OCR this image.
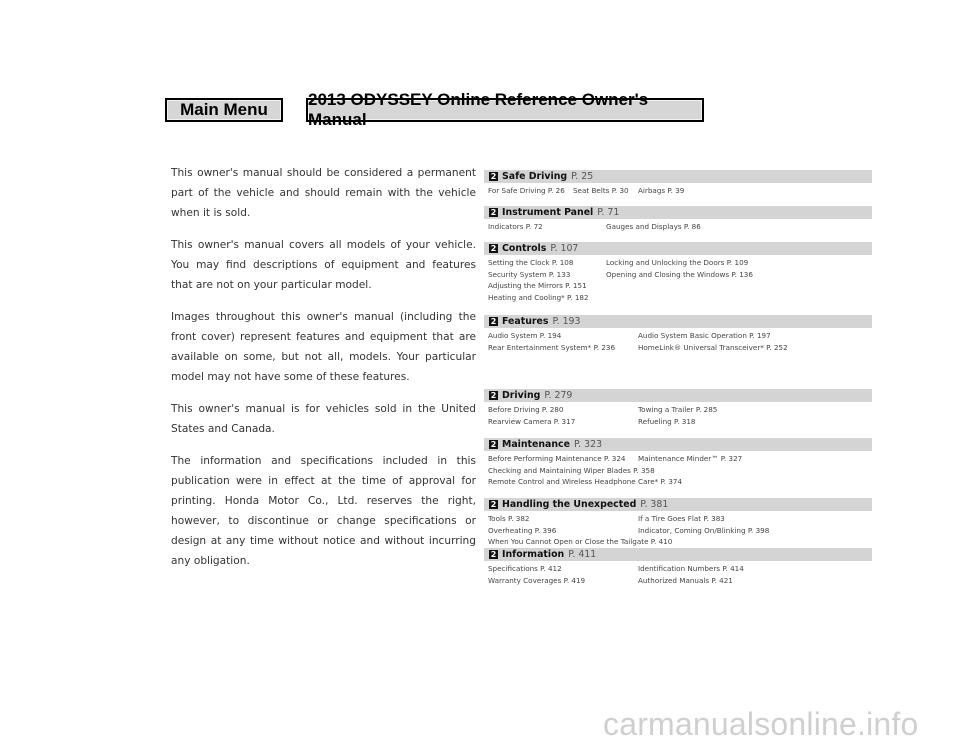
Main Menu
2013 ODYSSEY Online Reference Owner's Manual

This owner's manual should be considered a permanent part of the vehicle and should remain with the vehicle when it is sold.

This owner's manual covers all models of your vehicle. You may find descriptions of equipment and features that are not on your particular model.

Images throughout this owner's manual (including the front cover) represent features and equipment that are available on some, but not all, models. Your particular model may not have some of these features.

This owner's manual is for vehicles sold in the United States and Canada.

The information and specifications included in this publication were in effect at the time of approval for printing. Honda Motor Co., Ltd. reserves the right, however, to discontinue or change specifications or design at any time without notice and without incurring any obligation.

2 Safe Driving P. 25
For Safe Driving P. 26	Seat Belts P. 30	Airbags P. 39
2 Instrument Panel P. 71
Indicators P. 72	Gauges and Displays P. 86
2 Controls P. 107
Setting the Clock P. 108	Locking and Unlocking the Doors P. 109
Security System P. 133	Opening and Closing the Windows P. 136
Adjusting the Mirrors P. 151
Heating and Cooling* P. 182
2 Features P. 193
Audio System P. 194	Audio System Basic Operation P. 197
Rear Entertainment System* P. 236	HomeLink® Universal Transceiver* P. 252
2 Driving P. 279
Before Driving P. 280	Towing a Trailer P. 285
Rearview Camera P. 317	Refueling P. 318
2 Maintenance P. 323
Before Performing Maintenance P. 324	Maintenance Minder™ P. 327
Checking and Maintaining Wiper Blades P. 358
Remote Control and Wireless Headphone Care* P. 374
2 Handling the Unexpected P. 381
Tools P. 382	If a Tire Goes Flat P. 383
Overheating P. 396	Indicator, Coming On/Blinking P. 398
When You Cannot Open or Close the Tailgate P. 410
2 Information P. 411
Specifications P. 412	Identification Numbers P. 414
Warranty Coverages P. 419	Authorized Manuals P. 421
carmanualsonline.info
